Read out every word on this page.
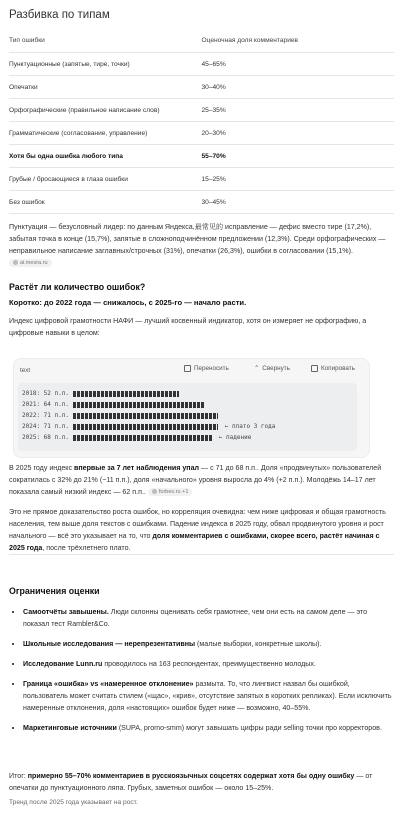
Разбивка по типам
Тип ошибки	Оценочная доля комментариев
Пунктуационные (запятые, тире, точки)	45–65%
Опечатки	30–40%
Орфографические (правильное написание слов)	25–35%
Грамматические (согласование, управление)	20–30%
Хотя бы одна ошибка любого типа	55–70%
Грубые / бросающиеся в глаза ошибки	15–25%
Без ошибок	30–45%

Пунктуация — безусловный лидер: по данным Яндекса,最常见的 исправление — дефис вместо тире (17,2%), забытая точка в конце (15,7%), запятые в сложноподчинённом предложении (12,3%). Среди орфографических — неправильное написание заглавных/строчных (31%), опечатки (26,3%), ошибки в согласовании (15,1%). ai.mesra.ru

Растёт ли количество ошибок?

Коротко: до 2022 года — снижалось, с 2025-го — начало расти.

Индекс цифровой грамотности НАФИ — лучший косвенный индикатор, хотя он измеряет не орфографию, а цифровые навыки в целом:

text	Переносить	⌃ Свернуть	Копировать
2018: 52 п.п.
2021: 64 п.п.
2022: 71 п.п.
2024: 71 п.п.	← плато 3 года
2025: 68 п.п.	← падение

В 2025 году индекс впервые за 7 лет наблюдения упал — с 71 до 68 п.п.. Доля «продвинутых» пользователей сократилась с 32% до 21% (−11 п.п.), доля «начального» уровня выросла до 4% (+2 п.п.). Молодёжь 14–17 лет показала самый низкий индекс — 62 п.п.. forbes.ru +1

Это не прямое доказательство роста ошибок, но корреляция очевидна: чем ниже цифровая и общая грамотность населения, тем выше доля текстов с ошибками. Падение индекса в 2025 году, обвал продвинутого уровня и рост начального — всё это указывает на то, что доля комментариев с ошибками, скорее всего, растёт начиная с 2025 года, после трёхлетнего плато.

Ограничения оценки
• Самоотчёты завышены. Люди склонны оценивать себя грамотнее, чем они есть на самом деле — это показал тест Rambler&Co.
• Школьные исследования — нерепрезентативны (малые выборки, конкретные школы).
• Исследование Lunn.ru проводилось на 163 респондентах, преимущественно молодых.
• Граница «ошибка» vs «намеренное отклонение» размыта. То, что лингвист назвал бы ошибкой, пользователь может считать стилем («щас», «крив», отсутствие запятых в коротких репликах). Если исключить намеренные отклонения, доля «настоящих» ошибок будет ниже — возможно, 40–55%.
• Маркетинговые источники (SUPA, promo-smm) могут завышать цифры ради selling точки про корректоров.

Итог: примерно 55–70% комментариев в русскоязычных соцсетях содержат хотя бы одну ошибку — от опечатки до пунктуационного ляпа. Грубых, заметных ошибок — около 15–25%.

Тренд после 2025 года указывает на рост.
